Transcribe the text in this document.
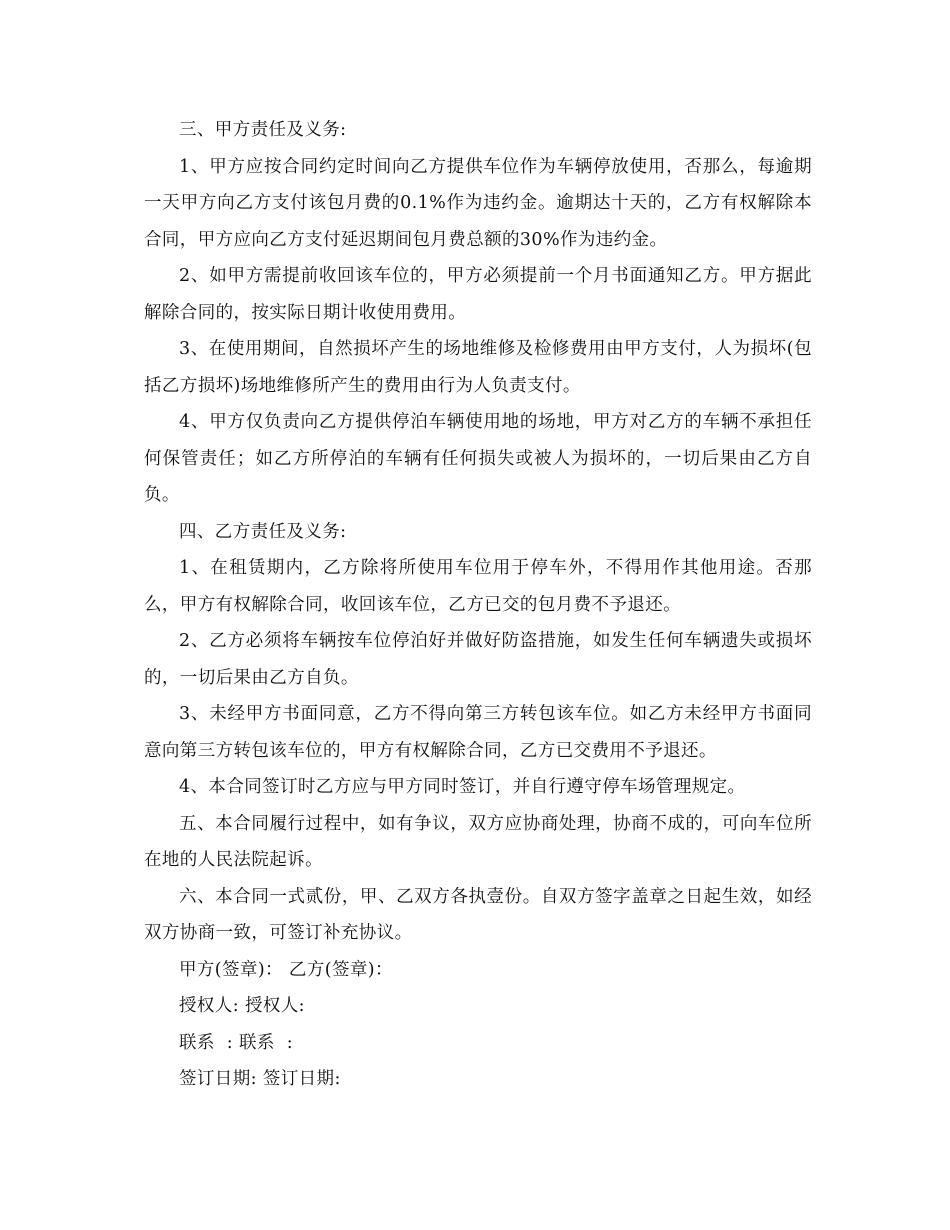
三、甲方责任及义务:

1、甲方应按合同约定时间向乙方提供车位作为车辆停放使用，否那么，每逾期一天甲方向乙方支付该包月费的0.1%作为违约金。逾期达十天的，乙方有权解除本合同，甲方应向乙方支付延迟期间包月费总额的30%作为违约金。

2、如甲方需提前收回该车位的，甲方必须提前一个月书面通知乙方。甲方据此解除合同的，按实际日期计收使用费用。

3、在使用期间，自然损坏产生的场地维修及检修费用由甲方支付，人为损坏(包括乙方损坏)场地维修所产生的费用由行为人负责支付。

4、甲方仅负责向乙方提供停泊车辆使用地的场地，甲方对乙方的车辆不承担任何保管责任；如乙方所停泊的车辆有任何损失或被人为损坏的，一切后果由乙方自负。

四、乙方责任及义务:

1、在租赁期内，乙方除将所使用车位用于停车外，不得用作其他用途。否那么，甲方有权解除合同，收回该车位，乙方已交的包月费不予退还。

2、乙方必须将车辆按车位停泊好并做好防盗措施，如发生任何车辆遗失或损坏的，一切后果由乙方自负。

3、未经甲方书面同意，乙方不得向第三方转包该车位。如乙方未经甲方书面同意向第三方转包该车位的，甲方有权解除合同，乙方已交费用不予退还。

4、本合同签订时乙方应与甲方同时签订，并自行遵守停车场管理规定。

五、本合同履行过程中，如有争议，双方应协商处理，协商不成的，可向车位所在地的人民法院起诉。

六、本合同一式贰份，甲、乙双方各执壹份。自双方签字盖章之日起生效，如经双方协商一致，可签订补充协议。

甲方(签章)： 乙方(签章)：

授权人: 授权人:

联系  : 联系  :

签订日期: 签订日期:
